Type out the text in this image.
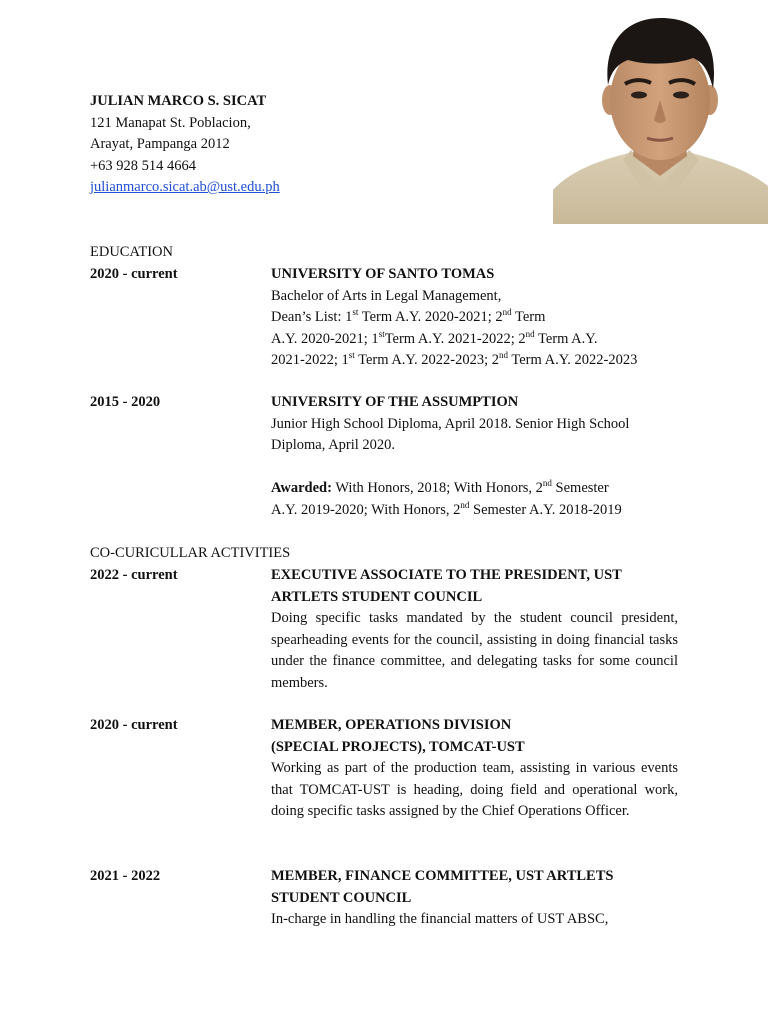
JULIAN MARCO S. SICAT
121 Manapat St. Poblacion,
Arayat, Pampanga 2012
+63 928 514 4664
julianmarco.sicat.ab@ust.edu.ph
EDUCATION
2020 - current	UNIVERSITY OF SANTO TOMAS
Bachelor of Arts in Legal Management,
Dean’s List: 1st Term A.Y. 2020-2021; 2nd Term
A.Y. 2020-2021; 1stTerm A.Y. 2021-2022; 2nd Term A.Y.
2021-2022; 1st Term A.Y. 2022-2023; 2nd Term A.Y. 2022-2023
2015 - 2020	UNIVERSITY OF THE ASSUMPTION
Junior High School Diploma, April 2018. Senior High School Diploma, April 2020.
Awarded: With Honors, 2018; With Honors, 2nd Semester
A.Y. 2019-2020; With Honors, 2nd Semester A.Y. 2018-2019
CO-CURICULLAR ACTIVITIES
2022 - current	EXECUTIVE ASSOCIATE TO THE PRESIDENT, UST
ARTLETS STUDENT COUNCIL
Doing specific tasks mandated by the student council president, spearheading events for the council, assisting in doing financial tasks under the finance committee, and delegating tasks for some council members.
2020 - current	MEMBER, OPERATIONS DIVISION
(SPECIAL PROJECTS), TOMCAT-UST
Working as part of the production team, assisting in various events that TOMCAT-UST is heading, doing field and operational work, doing specific tasks assigned by the Chief Operations Officer.
2021 - 2022	MEMBER, FINANCE COMMITTEE, UST ARTLETS
STUDENT COUNCIL
In-charge in handling the financial matters of UST ABSC,
